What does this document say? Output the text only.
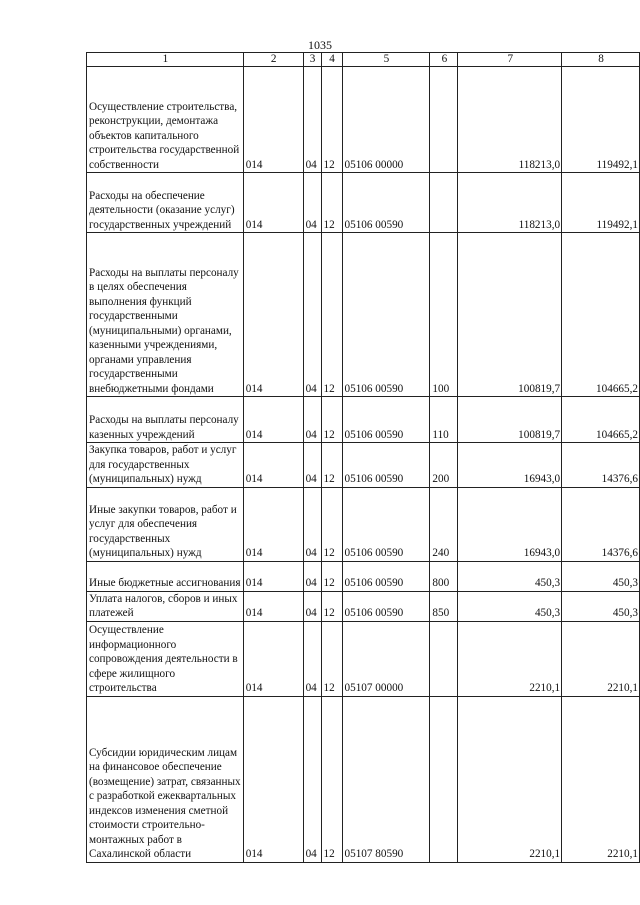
1035
1	2	3	4	5	6	7	8
Осуществление строительства, реконструкции, демонтажа объектов капитального строительства государственной собственности	014	04	12	05106 00000		118213,0	119492,1
Расходы на обеспечение деятельности (оказание услуг) государственных учреждений	014	04	12	05106 00590		118213,0	119492,1
Расходы на выплаты персоналу в целях обеспечения выполнения функций государственными (муниципальными) органами, казенными учреждениями, органами управления государственными внебюджетными фондами	014	04	12	05106 00590	100	100819,7	104665,2
Расходы на выплаты персоналу казенных учреждений	014	04	12	05106 00590	110	100819,7	104665,2
Закупка товаров, работ и услуг для государственных (муниципальных) нужд	014	04	12	05106 00590	200	16943,0	14376,6
Иные закупки товаров, работ и услуг для обеспечения государственных (муниципальных) нужд	014	04	12	05106 00590	240	16943,0	14376,6
Иные бюджетные ассигнования	014	04	12	05106 00590	800	450,3	450,3
Уплата налогов, сборов и иных платежей	014	04	12	05106 00590	850	450,3	450,3
Осуществление информационного сопровождения деятельности в сфере жилищного строительства	014	04	12	05107 00000		2210,1	2210,1
Субсидии юридическим лицам на финансовое обеспечение (возмещение) затрат, связанных с разработкой ежеквартальных индексов изменения сметной стоимости строительно-монтажных работ в Сахалинской области	014	04	12	05107 80590		2210,1	2210,1
